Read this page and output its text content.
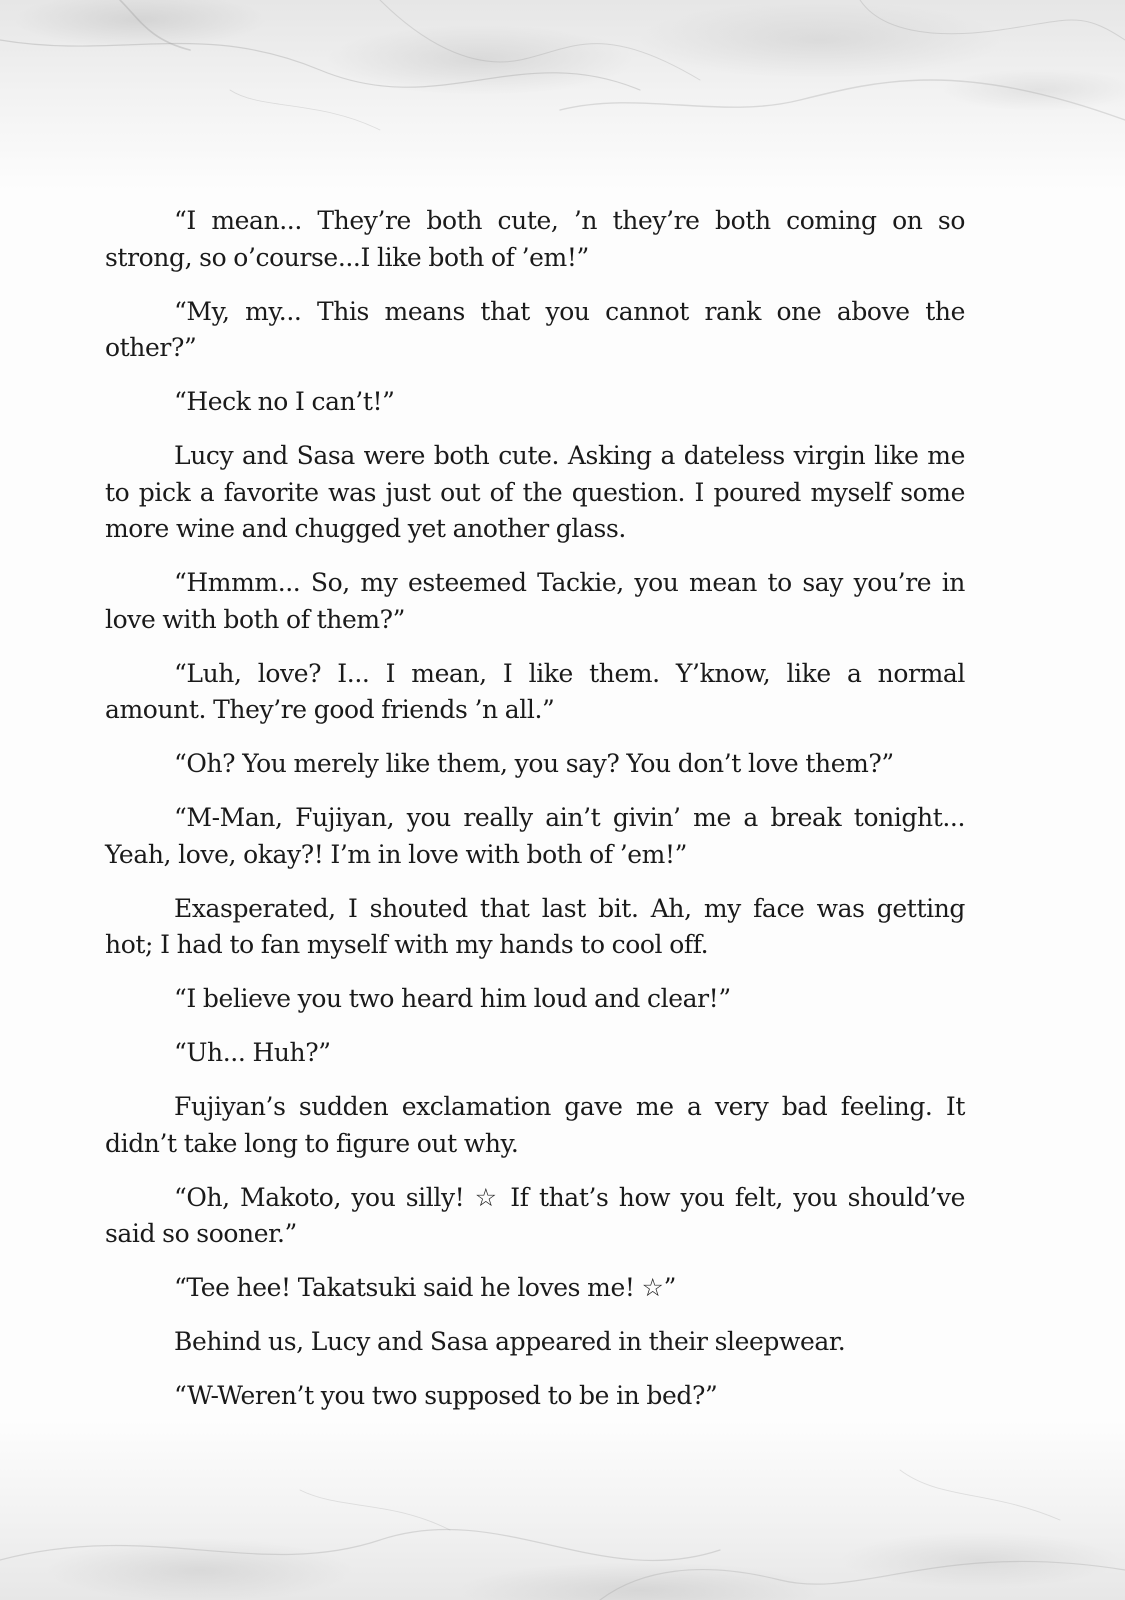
“I mean... They’re both cute, ’n they’re both coming on so strong, so o’course...I like both of ’em!”

“My, my... This means that you cannot rank one above the other?”

“Heck no I can’t!”

Lucy and Sasa were both cute. Asking a dateless virgin like me to pick a favorite was just out of the question. I poured myself some more wine and chugged yet another glass.

“Hmmm... So, my esteemed Tackie, you mean to say you’re in love with both of them?”

“Luh, love? I... I mean, I like them. Y’know, like a normal amount. They’re good friends ’n all.”

“Oh? You merely like them, you say? You don’t love them?”

“M-Man, Fujiyan, you really ain’t givin’ me a break tonight... Yeah, love, okay?! I’m in love with both of ’em!”

Exasperated, I shouted that last bit. Ah, my face was getting hot; I had to fan myself with my hands to cool off.

“I believe you two heard him loud and clear!”

“Uh... Huh?”

Fujiyan’s sudden exclamation gave me a very bad feeling. It didn’t take long to figure out why.

“Oh, Makoto, you silly! ☆ If that’s how you felt, you should’ve said so sooner.”

“Tee hee! Takatsuki said he loves me! ☆”

Behind us, Lucy and Sasa appeared in their sleepwear.

“W-Weren’t you two supposed to be in bed?”
